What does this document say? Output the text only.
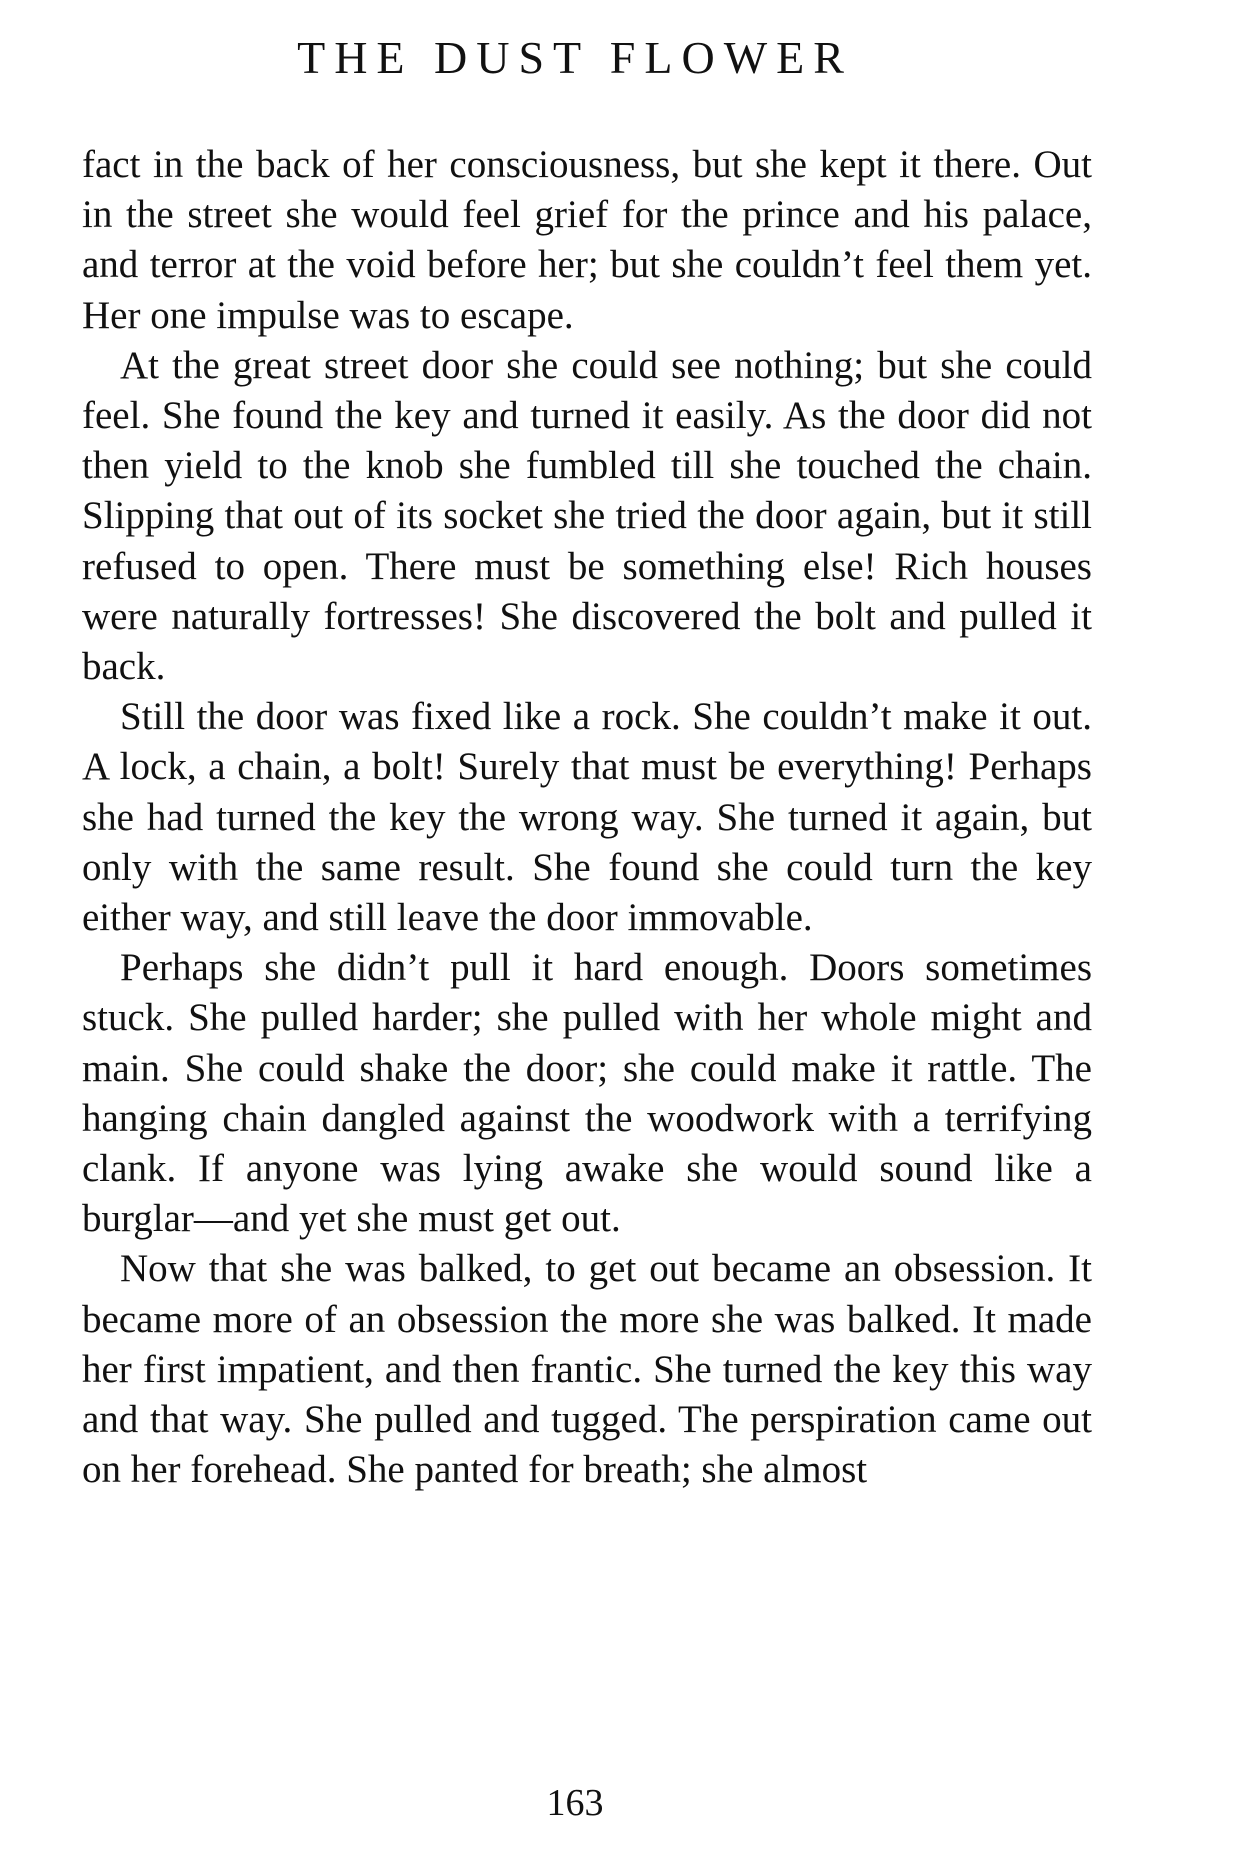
THE DUST FLOWER

fact in the back of her consciousness, but she kept it there. Out in the street she would feel grief for the prince and his palace, and terror at the void before her; but she couldn’t feel them yet. Her one impulse was to escape.

At the great street door she could see nothing; but she could feel. She found the key and turned it easily. As the door did not then yield to the knob she fumbled till she touched the chain. Slipping that out of its socket she tried the door again, but it still refused to open. There must be something else! Rich houses were naturally fortresses! She discovered the bolt and pulled it back.

Still the door was fixed like a rock. She couldn’t make it out. A lock, a chain, a bolt! Surely that must be everything! Perhaps she had turned the key the wrong way. She turned it again, but only with the same result. She found she could turn the key either way, and still leave the door immovable.

Perhaps she didn’t pull it hard enough. Doors sometimes stuck. She pulled harder; she pulled with her whole might and main. She could shake the door; she could make it rattle. The hanging chain dangled against the woodwork with a terrifying clank. If anyone was lying awake she would sound like a burglar—and yet she must get out.

Now that she was balked, to get out became an obsession. It became more of an obsession the more she was balked. It made her first impatient, and then frantic. She turned the key this way and that way. She pulled and tugged. The perspiration came out on her forehead. She panted for breath; she almost

163
